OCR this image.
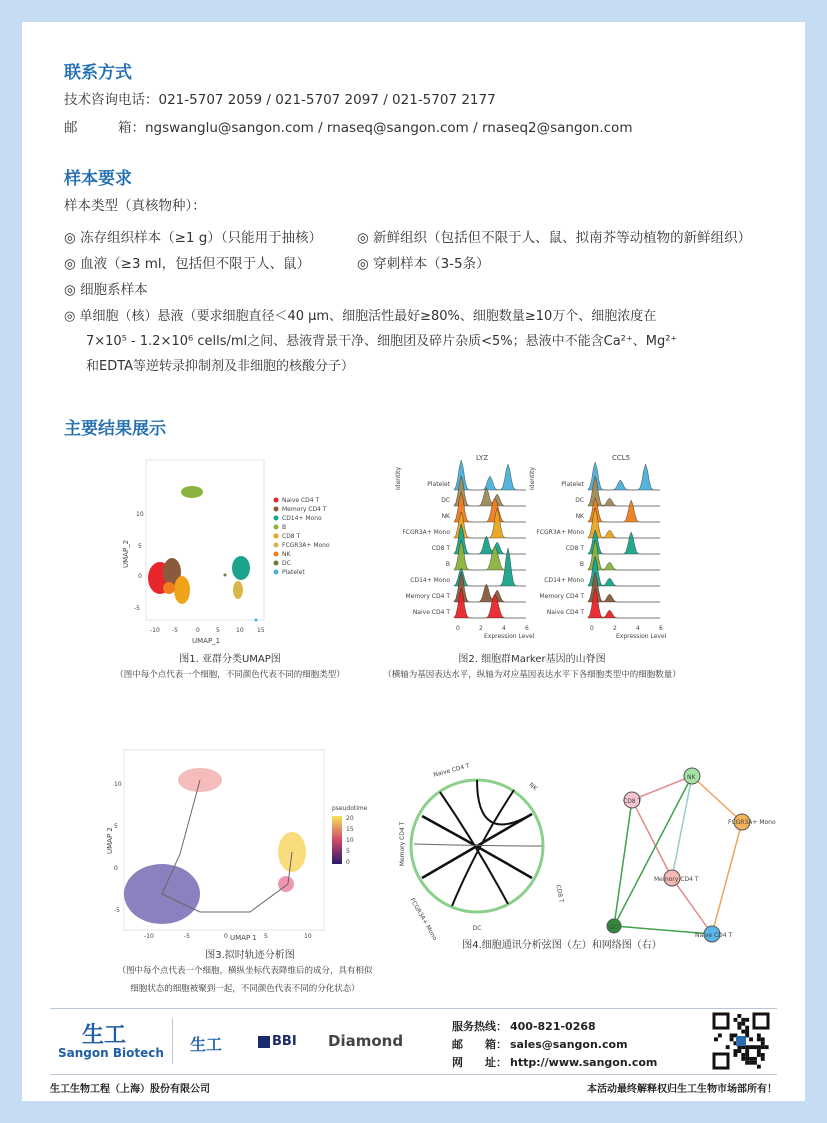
联系方式
技术咨询电话：021-5707 2059 / 021-5707 2097 / 021-5707 2177
邮　　　箱：ngswanglu@sangon.com / rnaseq@sangon.com / rnaseq2@sangon.com
样本要求
样本类型（真核物种）：
◎ 冻存组织样本（≥1 g）（只能用于抽核）	◎ 新鲜组织（包括但不限于人、鼠、拟南芥等动植物的新鲜组织）
◎ 血液（≥3 ml，包括但不限于人、鼠）	◎ 穿刺样本（3-5条）
◎ 细胞系样本
◎ 单细胞（核）悬液（要求细胞直径＜40 μm、细胞活性最好≥80%、细胞数量≥10万个、细胞浓度在
7×10⁵ - 1.2×10⁶ cells/ml之间、悬液背景干净、细胞团及碎片杂质<5%；悬液中不能含Ca²⁺、Mg²⁺
和EDTA等逆转录抑制剂及非细胞的核酸分子）
主要结果展示
-10 -5	0	5	10 15
10
5
0
-5
UMAP_1
UMAP_2
Naive CD4 T
Memory CD4 T
CD14+ Mono
B
CD8 T
FCGR3A+ Mono
NK
DC
Platelet
图1. 亚群分类UMAP图
（图中每个点代表一个细胞，不同颜色代表不同的细胞类型）
LYZ	CCL5
Identity	Identity
Platelet	Platelet
DC	DC
NK	NK
FCGR3A+ Mono	FCGR3A+ Mono
CD8 T	CD8 T
B	B
CD14+ Mono	CD14+ Mono
Memory CD4 T	Memory CD4 T
Naive CD4 T	Naive CD4 T
0	0
2	2
4	4
6	6
Expression Level	Expression Level
图2. 细胞群Marker基因的山脊图
（横轴为基因表达水平，纵轴为对应基因表达水平下各细胞类型中的细胞数量）
UMAP 1
UMAP 2
pseudotime
20
15
10
5
0
-10	-5	0	5	10
10
5
0
-5
图3.拟时轨迹分析图
（图中每个点代表一个细胞，横纵坐标代表降维后的成分，具有相似
细胞状态的细胞被聚到一起，不同颜色代表不同的分化状态）
Naive CD4 T
NK
CD8 T
DC
FCGR3A+ Mono
Memory CD4 T
NK
CD8 T
FCGR3A+ Mono
Memory CD4 T
DC
Naive CD4 T
图4.细胞通讯分析弦图（左）和网络图（右）
生工
Sangon Biotech 生工	BBI Diamond
服务热线： 400-821-0268
邮　　箱： sales@sangon.com
网　　址： http://www.sangon.com
生工生物工程（上海）股份有限公司	本活动最终解释权归生工生物市场部所有！
